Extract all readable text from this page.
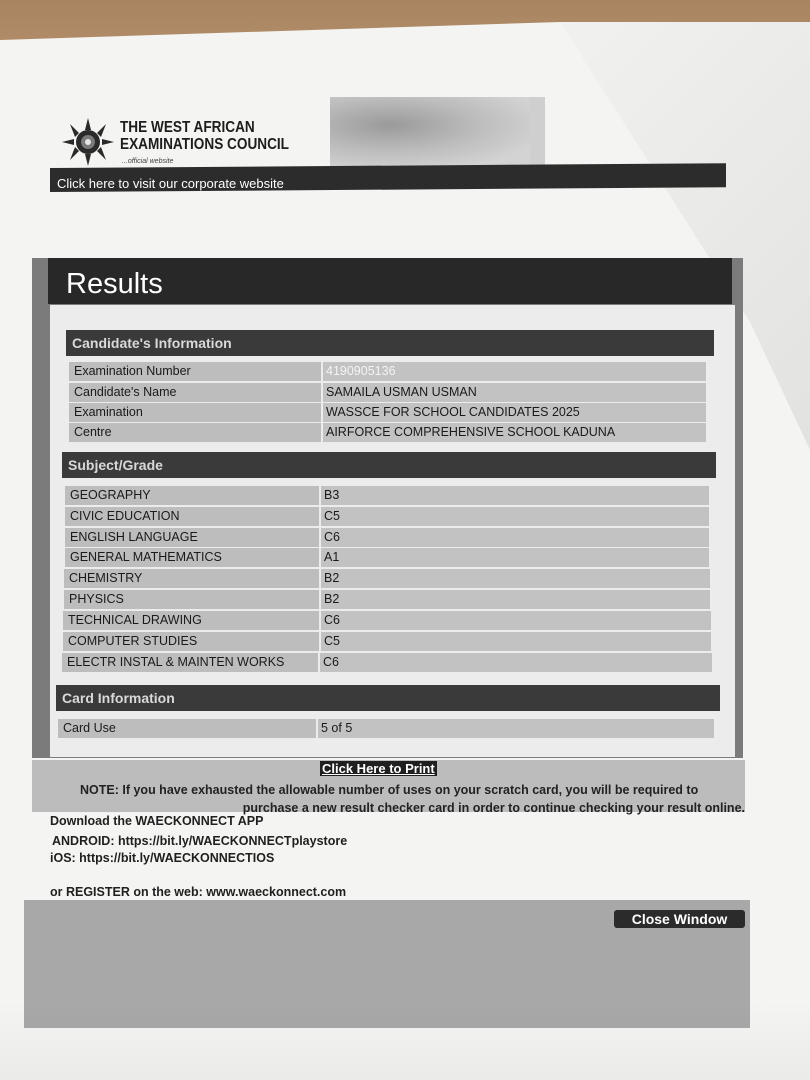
THE WEST AFRICAN
EXAMINATIONS COUNCIL
...official website
Click here to visit our corporate website
Results
Candidate's Information
Examination Number	4190905136
Candidate's Name	SAMAILA USMAN USMAN
Examination	WASSCE FOR SCHOOL CANDIDATES 2025
Centre	AIRFORCE COMPREHENSIVE SCHOOL KADUNA
Subject/Grade
GEOGRAPHY	B3
CIVIC EDUCATION	C5
ENGLISH LANGUAGE	C6
GENERAL MATHEMATICS	A1
CHEMISTRY	B2
PHYSICS	B2
TECHNICAL DRAWING	C6
COMPUTER STUDIES	C5
ELECTR INSTAL & MAINTEN WORKS	C6
Card Information
Card Use	5 of 5
Click Here to Print
NOTE: If you have exhausted the allowable number of uses on your scratch card, you will be required to
purchase a new result checker card in order to continue checking your result online.
Download the WAECKONNECT APP
ANDROID: https://bit.ly/WAECKONNECTplaystore
iOS: https://bit.ly/WAECKONNECTIOS
or REGISTER on the web: www.waeckonnect.com
Close Window
